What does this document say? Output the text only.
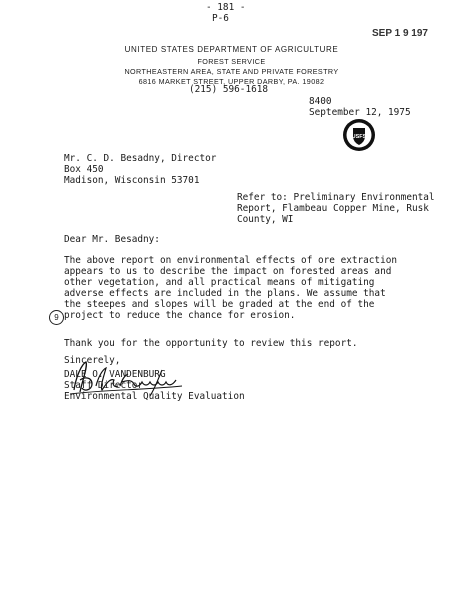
- 181 -
P-6
SEP 1 9 197
UNITED STATES DEPARTMENT OF AGRICULTURE
FOREST SERVICE
NORTHEASTERN AREA, STATE AND PRIVATE FORESTRY
6816 MARKET STREET, UPPER DARBY, PA. 19082
(215) 596-1618
8400
September 12, 1975
USFS
Mr. C. D. Besadny, Director
Box 450
Madison, Wisconsin 53701
Refer to: Preliminary Environmental
Report, Flambeau Copper Mine, Rusk
County, WI
Dear Mr. Besadny:
The above report on environmental effects of ore extraction
appears to us to describe the impact on forested areas and
other vegetation, and all practical means of mitigating
adverse effects are included in the plans. We assume that
the steepes and slopes will be graded at the end of the
project to reduce the chance for erosion.
9
Thank you for the opportunity to review this report.
Sincerely,
DALE O. VANDENBURG
Staff Director
Environmental Quality Evaluation
